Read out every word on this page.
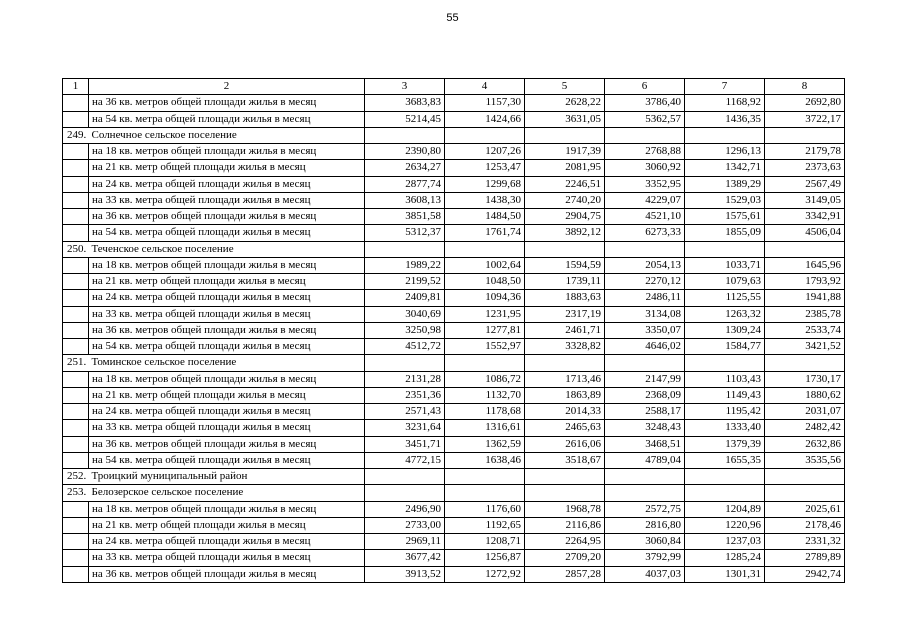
55
1	2	3	4	5	6	7	8
	на 36 кв. метров общей площади жилья в месяц	3683,83	1157,30	2628,22	3786,40	1168,92	2692,80
	на 54 кв. метра общей площади жилья в месяц	5214,45	1424,66	3631,05	5362,57	1436,35	3722,17
249.	Солнечное сельское поселение						
	на 18 кв. метров общей площади жилья в месяц	2390,80	1207,26	1917,39	2768,88	1296,13	2179,78
	на 21 кв. метр общей площади жилья в месяц	2634,27	1253,47	2081,95	3060,92	1342,71	2373,63
	на 24 кв. метра общей площади жилья в месяц	2877,74	1299,68	2246,51	3352,95	1389,29	2567,49
	на 33 кв. метра общей площади жилья в месяц	3608,13	1438,30	2740,20	4229,07	1529,03	3149,05
	на 36 кв. метров общей площади жилья в месяц	3851,58	1484,50	2904,75	4521,10	1575,61	3342,91
	на 54 кв. метра общей площади жилья в месяц	5312,37	1761,74	3892,12	6273,33	1855,09	4506,04
250.	Теченское сельское поселение						
	на 18 кв. метров общей площади жилья в месяц	1989,22	1002,64	1594,59	2054,13	1033,71	1645,96
	на 21 кв. метр общей площади жилья в месяц	2199,52	1048,50	1739,11	2270,12	1079,63	1793,92
	на 24 кв. метра общей площади жилья в месяц	2409,81	1094,36	1883,63	2486,11	1125,55	1941,88
	на 33 кв. метра общей площади жилья в месяц	3040,69	1231,95	2317,19	3134,08	1263,32	2385,78
	на 36 кв. метров общей площади жилья в месяц	3250,98	1277,81	2461,71	3350,07	1309,24	2533,74
	на 54 кв. метра общей площади жилья в месяц	4512,72	1552,97	3328,82	4646,02	1584,77	3421,52
251.	Томинское сельское поселение						
	на 18 кв. метров общей площади жилья в месяц	2131,28	1086,72	1713,46	2147,99	1103,43	1730,17
	на 21 кв. метр общей площади жилья в месяц	2351,36	1132,70	1863,89	2368,09	1149,43	1880,62
	на 24 кв. метра общей площади жилья в месяц	2571,43	1178,68	2014,33	2588,17	1195,42	2031,07
	на 33 кв. метра общей площади жилья в месяц	3231,64	1316,61	2465,63	3248,43	1333,40	2482,42
	на 36 кв. метров общей площади жилья в месяц	3451,71	1362,59	2616,06	3468,51	1379,39	2632,86
	на 54 кв. метра общей площади жилья в месяц	4772,15	1638,46	3518,67	4789,04	1655,35	3535,56
252.	Троицкий муниципальный район						
253.	Белозерское сельское поселение						
	на 18 кв. метров общей площади жилья в месяц	2496,90	1176,60	1968,78	2572,75	1204,89	2025,61
	на 21 кв. метр общей площади жилья в месяц	2733,00	1192,65	2116,86	2816,80	1220,96	2178,46
	на 24 кв. метра общей площади жилья в месяц	2969,11	1208,71	2264,95	3060,84	1237,03	2331,32
	на 33 кв. метра общей площади жилья в месяц	3677,42	1256,87	2709,20	3792,99	1285,24	2789,89
	на 36 кв. метров общей площади жилья в месяц	3913,52	1272,92	2857,28	4037,03	1301,31	2942,74
